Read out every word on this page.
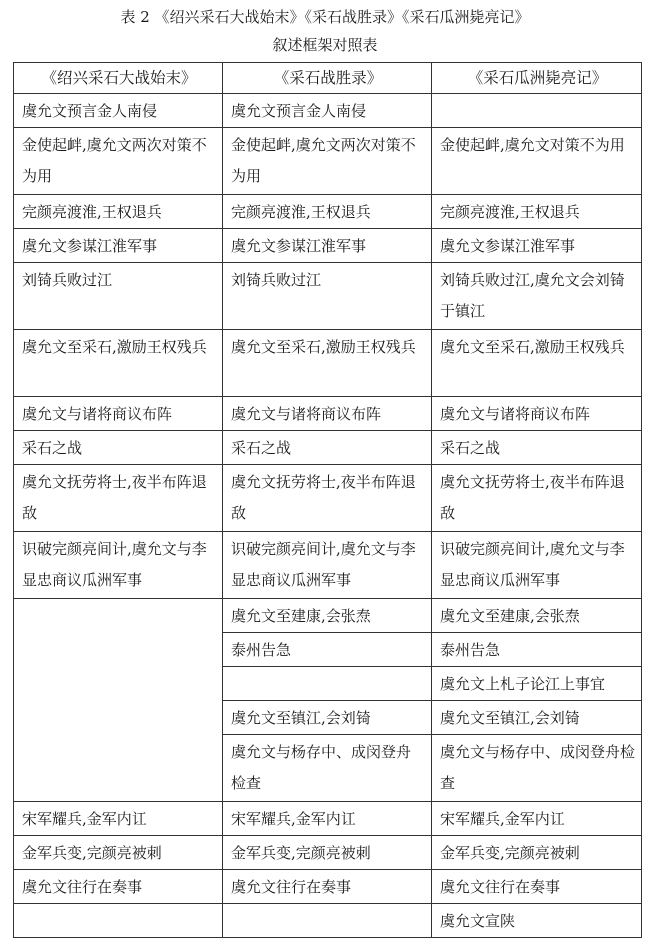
表 2 《绍兴采石大战始末》《采石战胜录》《采石瓜洲毙亮记》
叙述框架对照表
《绍兴采石大战始末》	《采石战胜录》	《采石瓜洲毙亮记》
虞允文预言金人南侵	虞允文预言金人南侵	
金使起衅,虞允文两次对策不为用	金使起衅,虞允文两次对策不为用	金使起衅,虞允文对策不为用
完颜亮渡淮,王权退兵	完颜亮渡淮,王权退兵	完颜亮渡淮,王权退兵
虞允文参谋江淮军事	虞允文参谋江淮军事	虞允文参谋江淮军事
刘锜兵败过江	刘锜兵败过江	刘锜兵败过江,虞允文会刘锜于镇江
虞允文至采石,激励王权残兵	虞允文至采石,激励王权残兵	虞允文至采石,激励王权残兵
虞允文与诸将商议布阵	虞允文与诸将商议布阵	虞允文与诸将商议布阵
采石之战	采石之战	采石之战
虞允文抚劳将士,夜半布阵退敌	虞允文抚劳将士,夜半布阵退敌	虞允文抚劳将士,夜半布阵退敌
识破完颜亮间计,虞允文与李显忠商议瓜洲军事	识破完颜亮间计,虞允文与李显忠商议瓜洲军事	识破完颜亮间计,虞允文与李显忠商议瓜洲军事
	虞允文至建康,会张焘	虞允文至建康,会张焘
	泰州告急	泰州告急
		虞允文上札子论江上事宜
	虞允文至镇江,会刘锜	虞允文至镇江,会刘锜
	虞允文与杨存中、成闵登舟检查	虞允文与杨存中、成闵登舟检查
宋军耀兵,金军内讧	宋军耀兵,金军内讧	宋军耀兵,金军内讧
金军兵变,完颜亮被刺	金军兵变,完颜亮被刺	金军兵变,完颜亮被刺
虞允文往行在奏事	虞允文往行在奏事	虞允文往行在奏事
		虞允文宣陕
